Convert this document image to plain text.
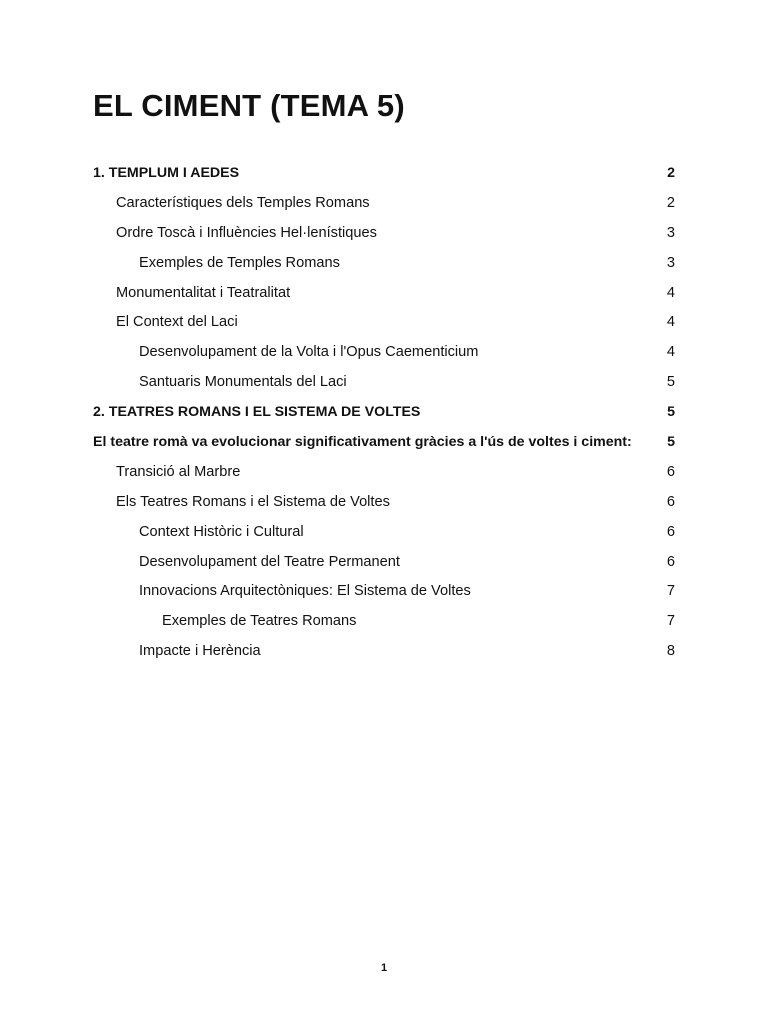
EL CIMENT (TEMA 5)
1. TEMPLUM I AEDES	2
Característiques dels Temples Romans	2
Ordre Toscà i Influències Hel·lenístiques	3
Exemples de Temples Romans	3
Monumentalitat i Teatralitat	4
El Context del Laci	4
Desenvolupament de la Volta i l'Opus Caementicium	4
Santuaris Monumentals del Laci	5
2. TEATRES ROMANS I EL SISTEMA DE VOLTES	5
El teatre romà va evolucionar significativament gràcies a l'ús de voltes i ciment:	5
Transició al Marbre	6
Els Teatres Romans i el Sistema de Voltes	6
Context Històric i Cultural	6
Desenvolupament del Teatre Permanent	6
Innovacions Arquitectòniques: El Sistema de Voltes	7
Exemples de Teatres Romans	7
Impacte i Herència	8
1
